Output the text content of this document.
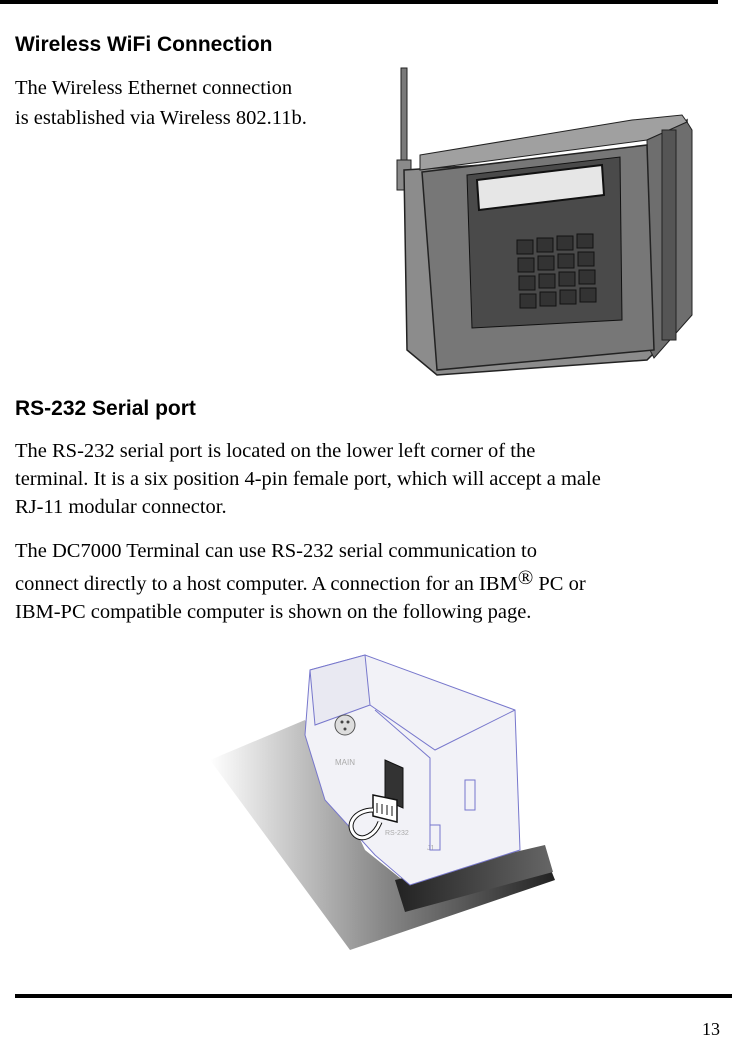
Wireless WiFi Connection

The Wireless Ethernet connection

is established via Wireless 802.11b.

RS-232 Serial port

The RS-232 serial port is located on the lower left corner of the

terminal. It is a six position 4-pin female port, which will accept a male

RJ-11 modular connector.

The DC7000 Terminal can use RS-232 serial communication to

connect directly to a host computer. A connection for an IBM® PC or

IBM-PC compatible computer is shown on the following page.

MAIN
RS-232
J1
13
